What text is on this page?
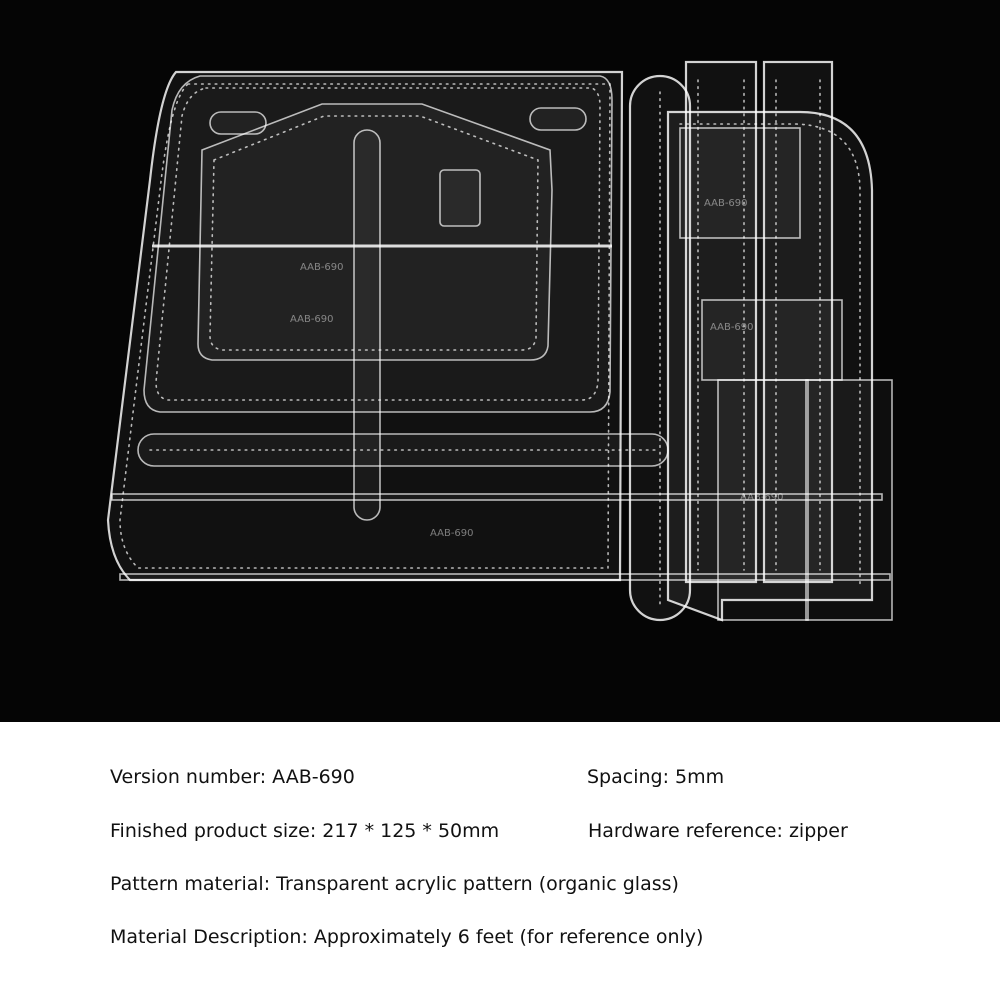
AAB-690
AAB-690
AAB-690
AAB-690
AAB-690
AAB-690
Version number: AAB-690	Spacing: 5mm
Finished product size: 217 * 125 * 50mm	Hardware reference: zipper
Pattern material: Transparent acrylic pattern (organic glass)
Material Description: Approximately 6 feet (for reference only)
